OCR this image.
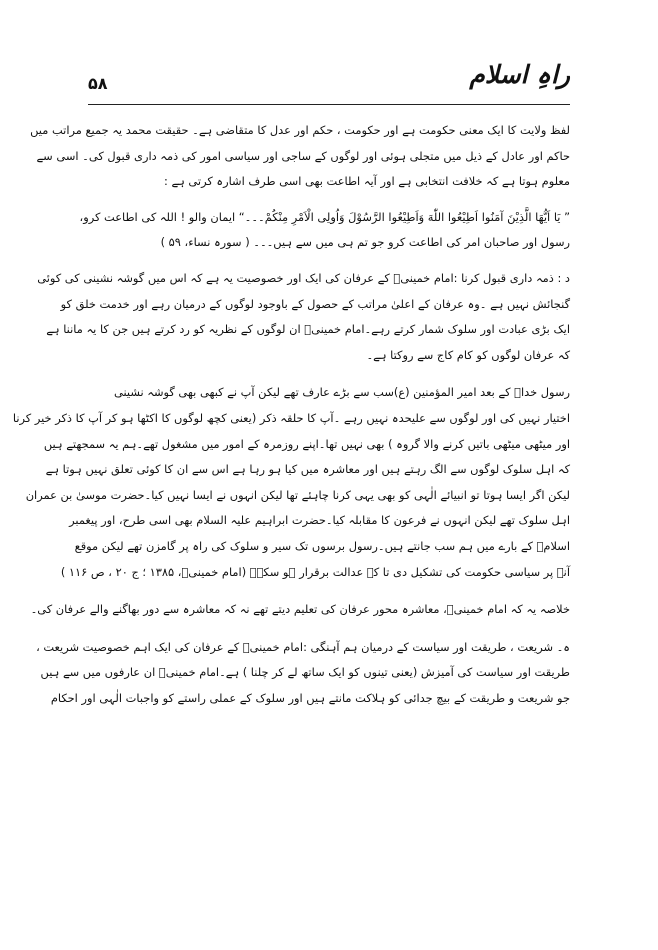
راہِ اسلام
۵۸

لفظ ولایت کا ایک معنی حکومت ہے اور حکومت ، حکم اور عدل کا متقاضی ہے۔ حقیقت محمد یہ جمیع مراتب میں
حاکم اور عادل کے ذیل میں متجلی ہوئی اور لوگوں کے ساجی اور سیاسی امور کی ذمہ داری قبول کی۔ اسی سے
معلوم ہوتا ہے کہ خلافت انتخابی ہے اور آیہ اطاعت بھی اسی طرف اشارہ کرتی ہے :

” یَا اَیُّهَا الَّذِیْنَ آمَنُوا اَطِیْعُوا اللّٰهَ وَاَطِیْعُوا الرَّسُوْلَ وَاُولِی الْاَمْرِ مِنْکُمْ۔۔۔“ ایمان والو ! اللہ کی اطاعت کرو،
رسول اور صاحبان امر کی اطاعت کرو جو تم ہی میں سے ہیں۔۔۔ ( سورہ نساء، ۵۹ )

د : ذمہ داری قبول کرنا :امام خمینیؒ کے عرفان کی ایک اور خصوصیت یہ ہے کہ اس میں گوشہ نشینی کی کوئی
گنجائش نہیں ہے ۔وہ عرفان کے اعلیٰ مراتب کے حصول کے باوجود لوگوں کے درمیان رہے اور خدمت خلق کو
ایک بڑی عبادت اور سلوک شمار کرتے رہے۔امام خمینیؒ ان لوگوں کے نظریہ کو رد کرتے ہیں جن کا یہ ماننا ہے
کہ عرفان لوگوں کو کام کاج سے روکتا ہے۔

رسول خداؐ کے بعد امیر المؤمنین (ع)سب سے بڑے عارف تھے لیکن آپ نے کبھی بھی گوشہ نشینی
اختیار نہیں کی اور لوگوں سے علیحدہ نہیں رہے ۔آپ کا حلقہ ذکر (یعنی کچھ لوگوں کا اکٹھا ہو کر آپ کا ذکر خیر کرنا
اور میٹھی میٹھی باتیں کرنے والا گروہ ) بھی نہیں تھا۔اپنے روزمرہ کے امور میں مشغول تھے۔ہم یہ سمجھتے ہیں
کہ اہل سلوک لوگوں سے الگ رہتے ہیں اور معاشرہ میں کیا ہو رہا ہے اس سے ان کا کوئی تعلق نہیں ہوتا ہے
لیکن اگر ایسا ہوتا تو انبیائے الٰہی کو بھی یہی کرنا چاہئے تھا لیکن انہوں نے ایسا نہیں کیا۔حضرت موسیٰ بن عمران
اہل سلوک تھے لیکن انہوں نے فرعون کا مقابلہ کیا۔حضرت ابراہیم علیہ السلام بھی اسی طرح، اور پیغمبر
اسلامؐ کے بارے میں ہم سب جانتے ہیں۔رسول برسوں تک سیر و سلوک کی راہ پر گامزن تھے لیکن موقع
آنے پر سیاسی حکومت کی تشکیل دی تا کہ عدالت برقرار ہو سکے۔ (امام خمینیؒ، ۱۳۸۵ ؛ ج ۲۰ ، ص ۱۱۶ )

خلاصہ یہ کہ امام خمینیؒ، معاشرہ محور عرفان کی تعلیم دیتے تھے نہ کہ معاشرہ سے دور بھاگنے والے عرفان کی۔

ہ۔ شریعت ، طریقت اور سیاست کے درمیان ہم آہنگی :امام خمینیؒ کے عرفان کی ایک اہم خصوصیت شریعت ،
طریقت اور سیاست کی آمیزش (یعنی تینوں کو ایک ساتھ لے کر چلنا ) ہے۔امام خمینیؒ ان عارفوں میں سے ہیں
جو شریعت و طریقت کے بیچ جدائی کو ہلاکت مانتے ہیں اور سلوک کے عملی راستے کو واجبات الٰہی اور احکام
